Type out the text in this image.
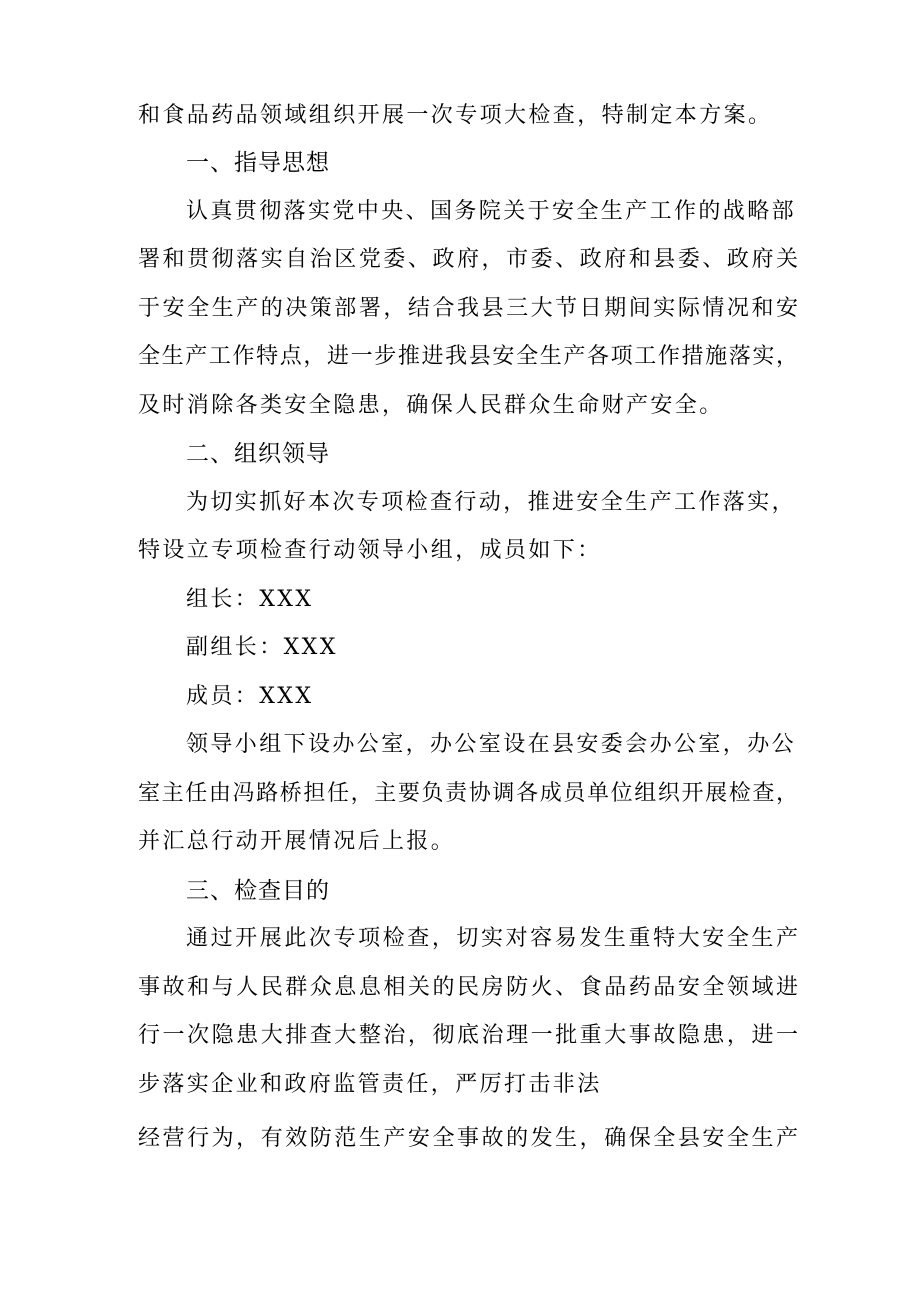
和食品药品领域组织开展一次专项大检查，特制定本方案。
一、指导思想
认真贯彻落实党中央、国务院关于安全生产工作的战略部
署和贯彻落实自治区党委、政府，市委、政府和县委、政府关
于安全生产的决策部署，结合我县三大节日期间实际情况和安
全生产工作特点，进一步推进我县安全生产各项工作措施落实，
及时消除各类安全隐患，确保人民群众生命财产安全。
二、组织领导
为切实抓好本次专项检查行动，推进安全生产工作落实，
特设立专项检查行动领导小组，成员如下：
组长：XXX
副组长：XXX
成员：XXX
领导小组下设办公室，办公室设在县安委会办公室，办公
室主任由冯路桥担任，主要负责协调各成员单位组织开展检查，
并汇总行动开展情况后上报。
三、检查目的
通过开展此次专项检查，切实对容易发生重特大安全生产
事故和与人民群众息息相关的民房防火、食品药品安全领域进
行一次隐患大排查大整治，彻底治理一批重大事故隐患，进一
步落实企业和政府监管责任，严厉打击非法
经营行为，有效防范生产安全事故的发生，确保全县安全生产
